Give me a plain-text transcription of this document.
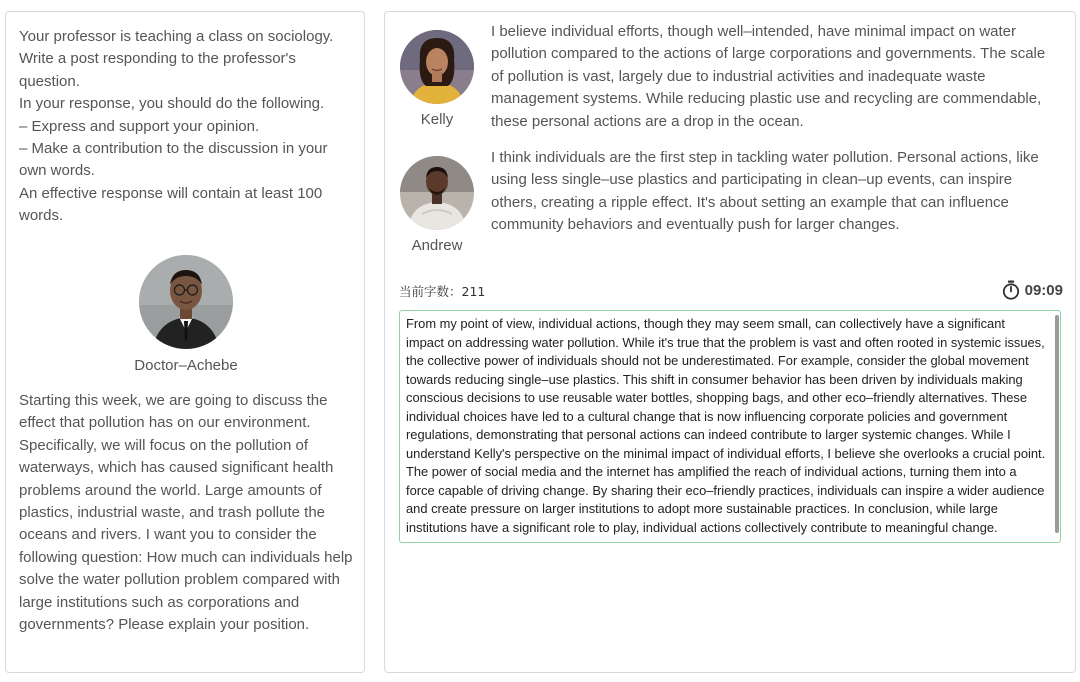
Your professor is teaching a class on sociology. Write a post responding to the professor's question.
In your response, you should do the following.
– Express and support your opinion.
– Make a contribution to the discussion in your own words.
An effective response will contain at least 100 words.
Doctor–Achebe
Starting this week, we are going to discuss the effect that pollution has on our environment. Specifically, we will focus on the pollution of waterways, which has caused significant health problems around the world. Large amounts of plastics, industrial waste, and trash pollute the oceans and rivers. I want you to consider the following question: How much can individuals help solve the water pollution problem compared with large institutions such as corporations and governments? Please explain your position.
Kelly
I believe individual efforts, though well–intended, have minimal impact on water pollution compared to the actions of large corporations and governments. The scale of pollution is vast, largely due to industrial activities and inadequate waste management systems. While reducing plastic use and recycling are commendable, these personal actions are a drop in the ocean.
Andrew
I think individuals are the first step in tackling water pollution. Personal actions, like using less single–use plastics and participating in clean–up events, can inspire others, creating a ripple effect. It's about setting an example that can influence community behaviors and eventually push for larger changes.
当前字数：211	09:09
From my point of view, individual actions, though they may seem small, can collectively have a significant impact on addressing water pollution. While it's true that the problem is vast and often rooted in systemic issues, the collective power of individuals should not be underestimated. For example, consider the global movement towards reducing single–use plastics. This shift in consumer behavior has been driven by individuals making conscious decisions to use reusable water bottles, shopping bags, and other eco–friendly alternatives. These individual choices have led to a cultural change that is now influencing corporate policies and government regulations, demonstrating that personal actions can indeed contribute to larger systemic changes. While I understand Kelly's perspective on the minimal impact of individual efforts, I believe she overlooks a crucial point. The power of social media and the internet has amplified the reach of individual actions, turning them into a force capable of driving change. By sharing their eco–friendly practices, individuals can inspire a wider audience and create pressure on larger institutions to adopt more sustainable practices. In conclusion, while large institutions have a significant role to play, individual actions collectively contribute to meaningful change.
